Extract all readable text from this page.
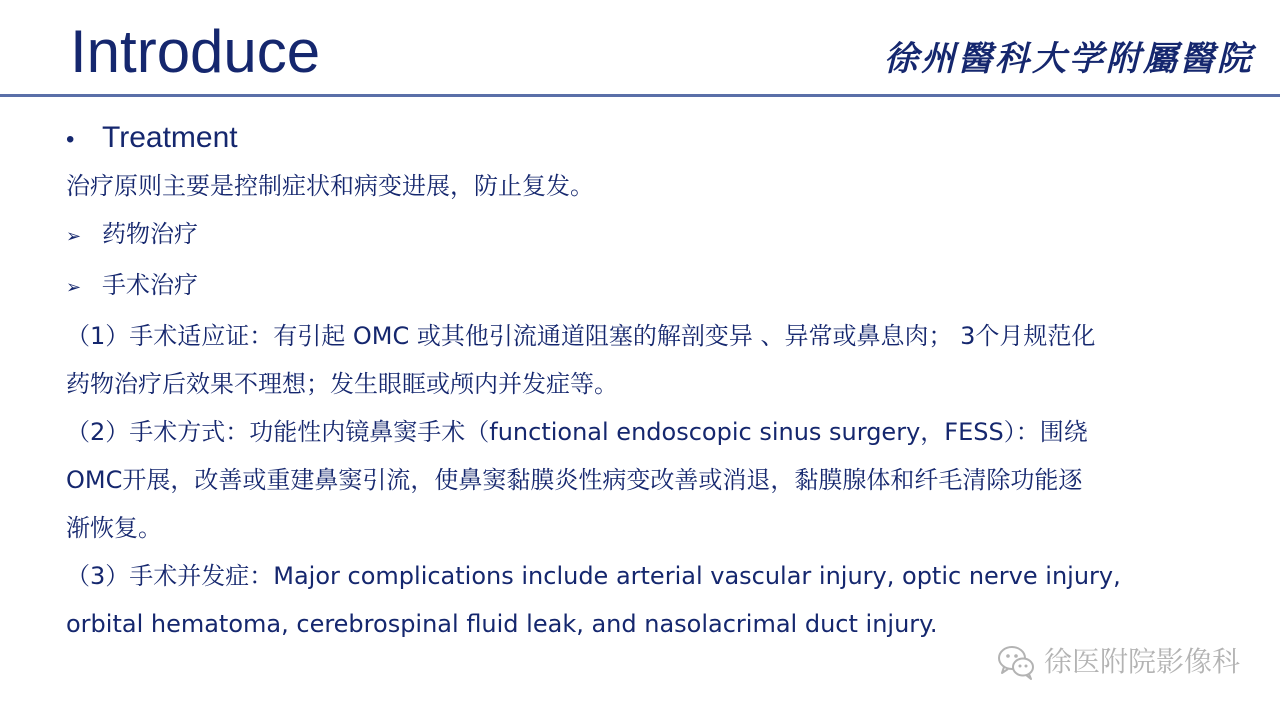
Introduce	徐州醫科大学附屬醫院
• Treatment
治疗原则主要是控制症状和病变进展，防止复发。
➢ 药物治疗
➢ 手术治疗
（1）手术适应证：有引起 OMC 或其他引流通道阻塞的解剖变异 、异常或鼻息肉； 3个月规范化
药物治疗后效果不理想；发生眼眶或颅内并发症等。
（2）手术方式：功能性内镜鼻窦手术（functional endoscopic sinus surgery，FESS）：围绕
OMC开展，改善或重建鼻窦引流，使鼻窦黏膜炎性病变改善或消退，黏膜腺体和纤毛清除功能逐
渐恢复。
（3）手术并发症：Major complications include arterial vascular injury, optic nerve injury,
orbital hematoma, cerebrospinal fluid leak, and nasolacrimal duct injury.
徐医附院影像科
